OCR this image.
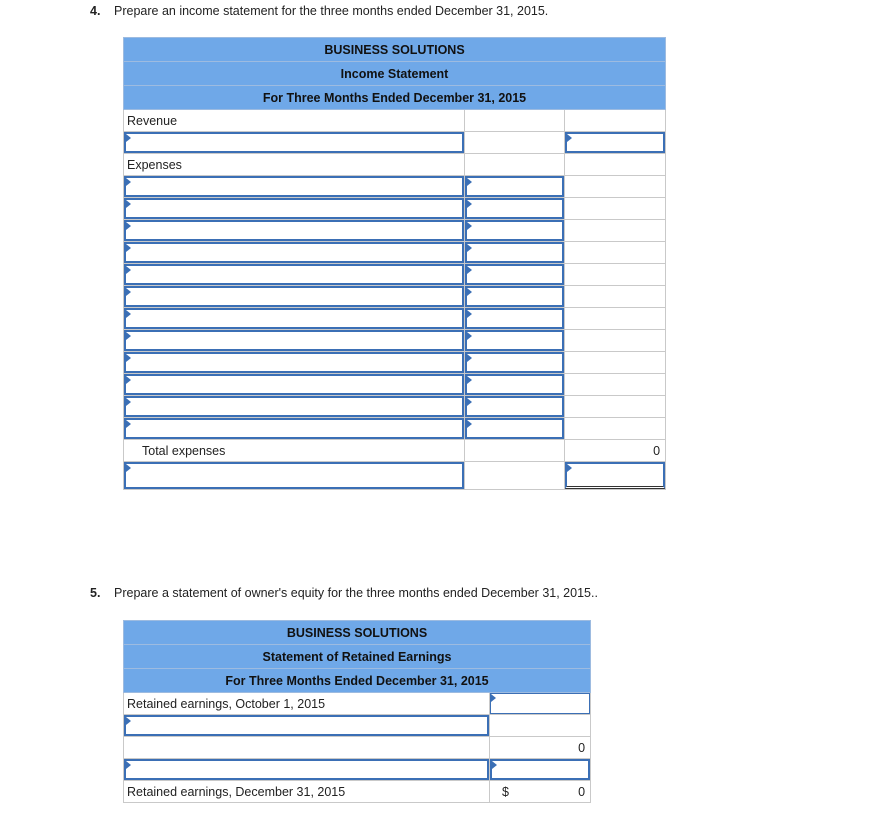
4. Prepare an income statement for the three months ended December 31, 2015.
BUSINESS SOLUTIONS		
Income Statement		
For Three Months Ended December 31, 2015		
Revenue		

Expenses		

Total expenses		0

5. Prepare a statement of owner's equity for the three months ended December 31, 2015..
BUSINESS SOLUTIONS	
Statement of Retained Earnings	
For Three Months Ended December 31, 2015	
Retained earnings, October 1, 2015	

	0

Retained earnings, December 31, 2015	$ 0
